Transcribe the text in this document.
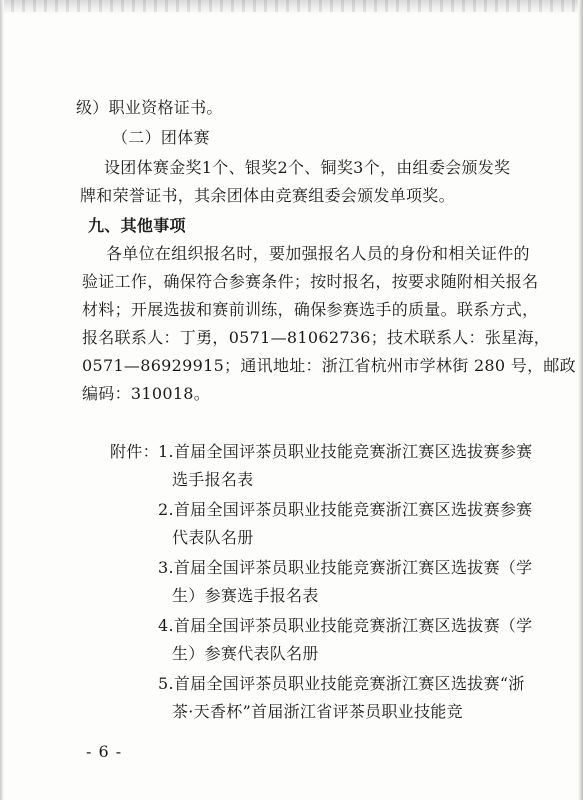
级）职业资格证书。
（二）团体赛
设团体赛金奖1个、银奖2个、铜奖3个，由组委会颁发奖
牌和荣誉证书，其余团体由竞赛组委会颁发单项奖。
九、其他事项
各单位在组织报名时，要加强报名人员的身份和相关证件的
验证工作，确保符合参赛条件；按时报名，按要求随附相关报名
材料；开展选拔和赛前训练，确保参赛选手的质量。联系方式，
报名联系人：丁勇，0571—81062736；技术联系人：张星海，
0571—86929915；通讯地址：浙江省杭州市学林街 280 号，邮政
编码：310018。
附件： 1.首届全国评茶员职业技能竞赛浙江赛区选拔赛参赛
选手报名表
2.首届全国评茶员职业技能竞赛浙江赛区选拔赛参赛
代表队名册
3.首届全国评茶员职业技能竞赛浙江赛区选拔赛（学
生）参赛选手报名表
4.首届全国评茶员职业技能竞赛浙江赛区选拔赛（学
生）参赛代表队名册
5.首届全国评茶员职业技能竞赛浙江赛区选拔赛“浙
茶·天香杯”首届浙江省评茶员职业技能竞
- 6 -
